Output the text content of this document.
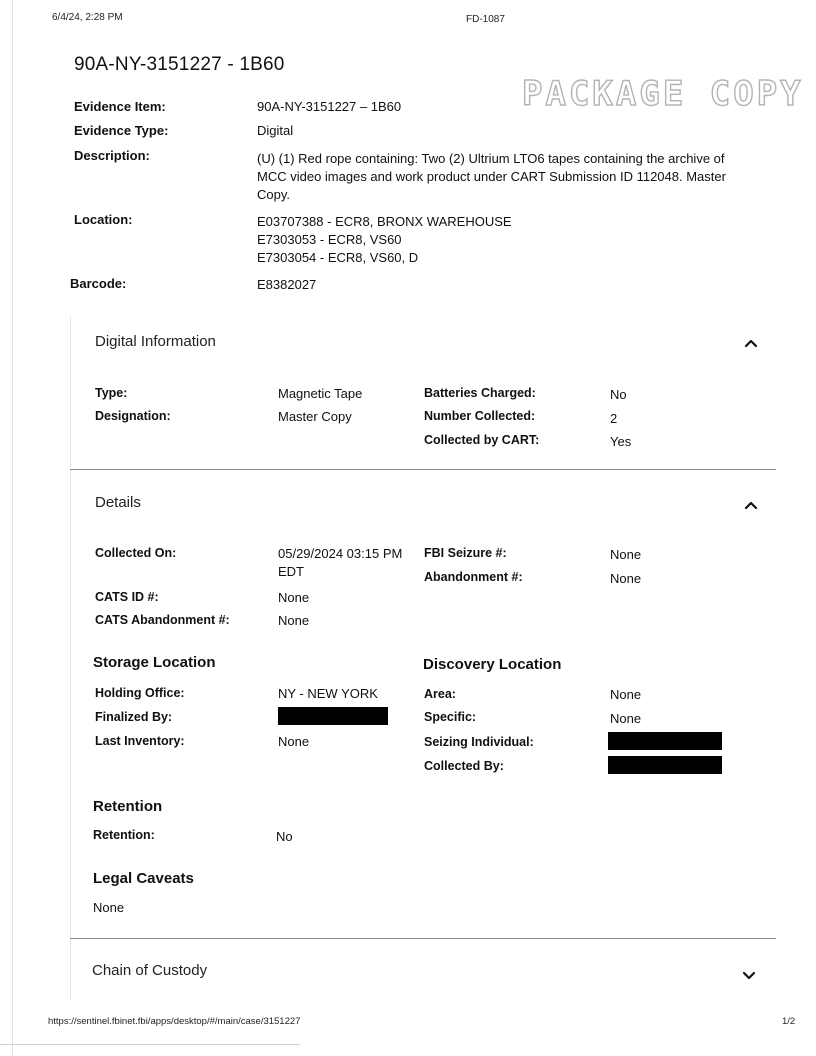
6/4/24, 2:28 PM	FD-1087
90A-NY-3151227 - 1B60
PACKAGE COPY
Evidence Item:	90A-NY-3151227 – 1B60
Evidence Type:	Digital
Description:	(U) (1) Red rope containing: Two (2) Ultrium LTO6 tapes containing the archive of
MCC video images and work product under CART Submission ID 112048. Master
Copy.
Location:	E03707388 - ECR8, BRONX WAREHOUSE
E7303053 - ECR8, VS60
E7303054 - ECR8, VS60, D
Barcode:	E8382027
Digital Information
Type:	Magnetic Tape
Designation:	Master Copy
Batteries Charged:	No
Number Collected:	2
Collected by CART:	Yes
Details
Collected On:	05/29/2024 03:15 PM
EDT
CATS ID #:	None
CATS Abandonment #:	None
FBI Seizure #:	None
Abandonment #:	None
Storage Location
Holding Office:	NY - NEW YORK
Finalized By:
Last Inventory:	None
Discovery Location
Area:	None
Specific:	None
Seizing Individual:
Collected By:
Retention
Retention:	No
Legal Caveats
None
Chain of Custody
https://sentinel.fbinet.fbi/apps/desktop/#/main/case/3151227	1/2
